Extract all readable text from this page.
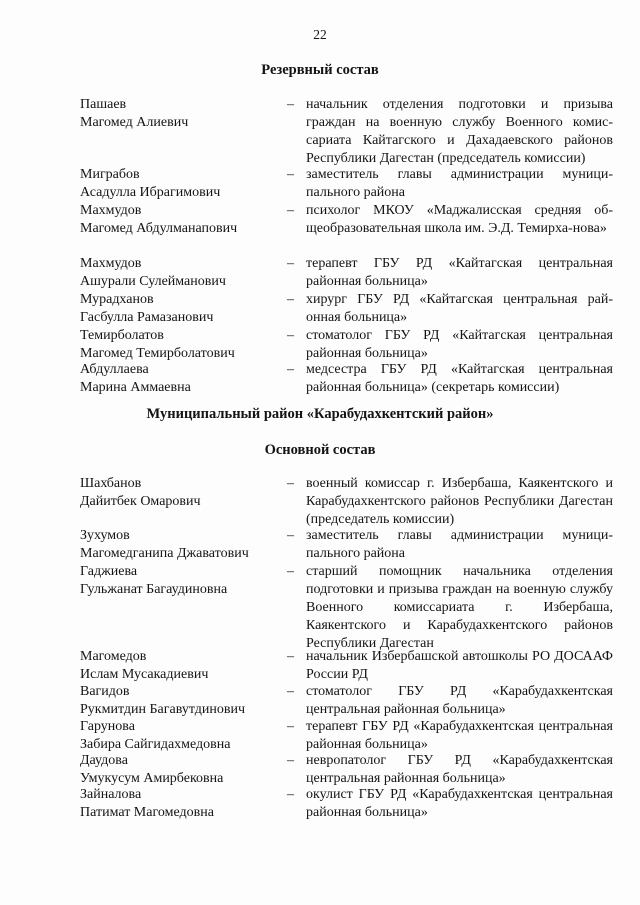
22
Резервный состав
Пашаев
Магомед Алиевич
– начальник отделения подготовки и призыва граждан на военную службу Военного комис-сариата Кайтагского и Дахадаевского районов Республики Дагестан (председатель комиссии)
Миграбов
Асадулла Ибрагимович
– заместитель главы администрации муници-пального района
Махмудов
Магомед Абдулманапович
– психолог МКОУ «Маджалисская средняя об-щеобразовательная школа им. Э.Д. Темирха-нова»
Махмудов
Ашурали Сулейманович
– терапевт ГБУ РД «Кайтагская центральная районная больница»
Мурадханов
Гасбулла Рамазанович
– хирург ГБУ РД «Кайтагская центральная рай-онная больница»
Темирболатов
Магомед Темирболатович
– стоматолог ГБУ РД «Кайтагская центральная районная больница»
Абдуллаева
Марина Аммаевна
– медсестра ГБУ РД «Кайтагская центральная районная больница» (секретарь комиссии)
Муниципальный район «Карабудахкентский район»
Основной состав
Шахбанов
Дайитбек Омарович
– военный комиссар г. Избербаша, Каякентского и Карабудахкентского районов Республики Дагестан (председатель комиссии)
Зухумов
Магомедганипа Джаватович
– заместитель главы администрации муници-пального района
Гаджиева
Гульжанат Багаудиновна
– старший помощник начальника отделения подготовки и призыва граждан на военную службу Военного комиссариата г. Избербаша, Каякентского и Карабудахкентского районов Республики Дагестан
Магомедов
Ислам Мусакадиевич
– начальник Избербашской автошколы РО ДОСААФ России РД
Вагидов
Рукмитдин Багавутдинович
– стоматолог ГБУ РД «Карабудахкентская центральная районная больница»
Гарунова
Забира Сайгидахмедовна
– терапевт ГБУ РД «Карабудахкентская центральная районная больница»
Даудова
Умукусум Амирбековна
– невропатолог ГБУ РД «Карабудахкентская центральная районная больница»
Зайналова
Патимат Магомедовна
– окулист ГБУ РД «Карабудахкентская центральная районная больница»
